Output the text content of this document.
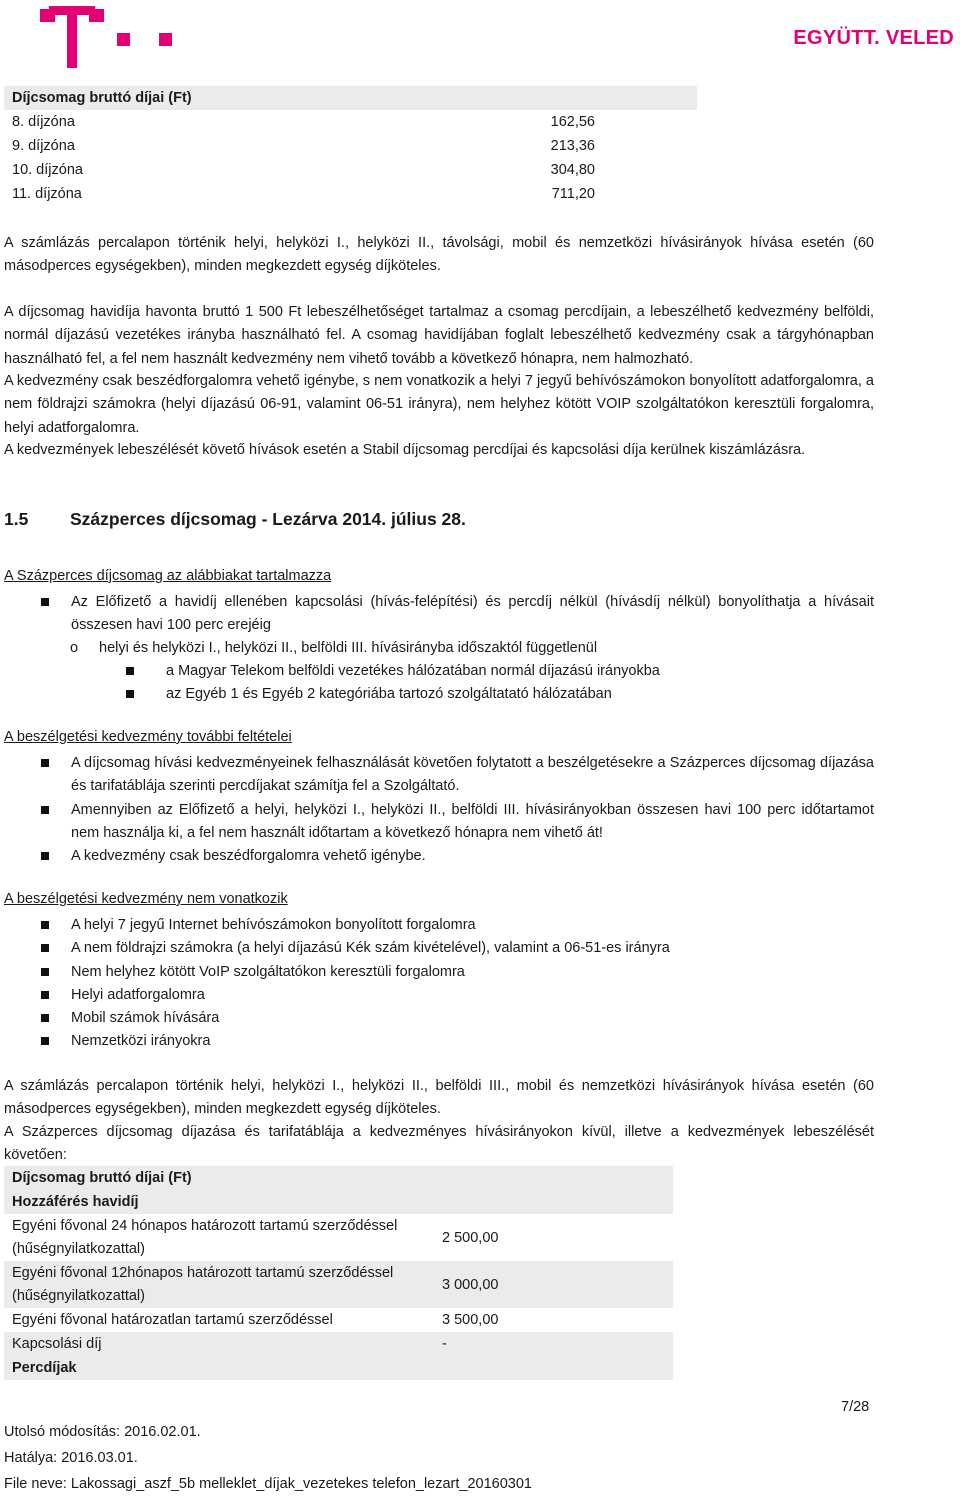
EGYÜTT. VELED
Díjcsomag bruttó díjai (Ft)	
8. díjzóna	162,56
9. díjzóna	213,36
10. díjzóna	304,80
11. díjzóna	711,20

A számlázás percalapon történik helyi, helyközi I., helyközi II., távolsági, mobil és nemzetközi hívásirányok hívása esetén (60 másodperces egységekben), minden megkezdett egység díjköteles.

A díjcsomag havidíja havonta bruttó 1 500 Ft lebeszélhetőséget tartalmaz a csomag percdíjain, a lebeszélhető kedvezmény belföldi, normál díjazású vezetékes irányba használható fel. A csomag havidíjában foglalt lebeszélhető kedvezmény csak a tárgyhónapban használható fel, a fel nem használt kedvezmény nem vihető tovább a következő hónapra, nem halmozható.

A kedvezmény csak beszédforgalomra vehető igénybe, s nem vonatkozik a helyi 7 jegyű behívószámokon bonyolított adatforgalomra, a nem földrajzi számokra (helyi díjazású 06-91, valamint 06-51 irányra), nem helyhez kötött VOIP szolgáltatókon keresztüli forgalomra, helyi adatforgalomra.

A kedvezmények lebeszélését követő hívások esetén a Stabil díjcsomag percdíjai és kapcsolási díja kerülnek kiszámlázásra.

1.5 Százperces díjcsomag - Lezárva 2014. július 28.
A Százperces díjcsomag az alábbiakat tartalmazza
Az Előfizető a havidíj ellenében kapcsolási (hívás-felépítési) és percdíj nélkül (hívásdíj nélkül) bonyolíthatja a hívásait összesen havi 100 perc erejéig
o helyi és helyközi I., helyközi II., belföldi III. hívásirányba időszaktól függetlenül
a Magyar Telekom belföldi vezetékes hálózatában normál díjazású irányokba
az Egyéb 1 és Egyéb 2 kategóriába tartozó szolgáltatató hálózatában
A beszélgetési kedvezmény további feltételei
A díjcsomag hívási kedvezményeinek felhasználását követően folytatott a beszélgetésekre a Százperces díjcsomag díjazása és tarifatáblája szerinti percdíjakat számítja fel a Szolgáltató.
Amennyiben az Előfizető a helyi, helyközi I., helyközi II., belföldi III. hívásirányokban összesen havi 100 perc időtartamot nem használja ki, a fel nem használt időtartam a következő hónapra nem vihető át!
A kedvezmény csak beszédforgalomra vehető igénybe.
A beszélgetési kedvezmény nem vonatkozik
A helyi 7 jegyű Internet behívószámokon bonyolított forgalomra
A nem földrajzi számokra (a helyi díjazású Kék szám kivételével), valamint a 06-51-es irányra
Nem helyhez kötött VoIP szolgáltatókon keresztüli forgalomra
Helyi adatforgalomra
Mobil számok hívására
Nemzetközi irányokra

A számlázás percalapon történik helyi, helyközi I., helyközi II., belföldi III., mobil és nemzetközi hívásirányok hívása esetén (60 másodperces egységekben), minden megkezdett egység díjköteles.

A Százperces díjcsomag díjazása és tarifatáblája a kedvezményes hívásirányokon kívül, illetve a kedvezmények lebeszélését követően:

Díjcsomag bruttó díjai (Ft)	
Hozzáférés havidíj	
Egyéni fővonal 24 hónapos határozott tartamú szerződéssel (hűségnyilatkozattal)	2 500,00
Egyéni fővonal 12hónapos határozott tartamú szerződéssel (hűségnyilatkozattal)	3 000,00
Egyéni fővonal határozatlan tartamú szerződéssel	3 500,00
Kapcsolási díj	-
Percdíjak	
7/28
Utolsó módosítás: 2016.02.01.
Hatálya: 2016.03.01.
File neve: Lakossagi_aszf_5b melleklet_díjak_vezetekes telefon_lezart_20160301
